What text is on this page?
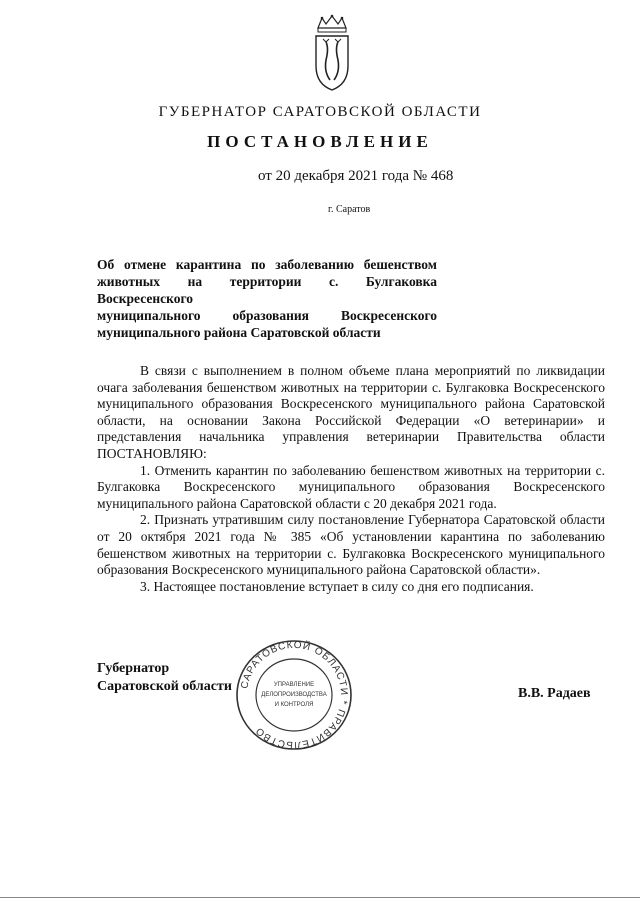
ГУБЕРНАТОР САРАТОВСКОЙ ОБЛАСТИ
ПОСТАНОВЛЕНИЕ
от 20 декабря 2021 года № 468
г. Саратов
Об отмене карантина по заболеванию бешенством
животных на территории с. Булгаковка Воскресенского
муниципального образования Воскресенского
муниципального района Саратовской области

В связи с выполнением в полном объеме плана мероприятий по ликвидации очага заболевания бешенством животных на территории с. Булгаковка Воскресенского муниципального образования Воскресенского муниципального района Саратовской области, на основании Закона Российской Федерации «О ветеринарии» и представления начальника управления ветеринарии Правительства области ПОСТАНОВЛЯЮ:

1. Отменить карантин по заболеванию бешенством животных на территории с. Булгаковка Воскресенского муниципального образования Воскресенского муниципального района Саратовской области с 20 декабря 2021 года.

2. Признать утратившим силу постановление Губернатора Саратовской области от 20 октября 2021 года № 385 «Об установлении карантина по заболеванию бешенством животных на территории с. Булгаковка Воскресенского муниципального образования Воскресенского муниципального района Саратовской области».

3. Настоящее постановление вступает в силу со дня его подписания.

Губернатор
Саратовской области САРАТОВСКОЙ ОБЛАСТИ * ПРАВИТЕЛЬСТВО
УПРАВЛЕНИЕ
ДЕЛОПРОИЗВОДСТВА
И КОНТРОЛЯ
В.В. Радаев
